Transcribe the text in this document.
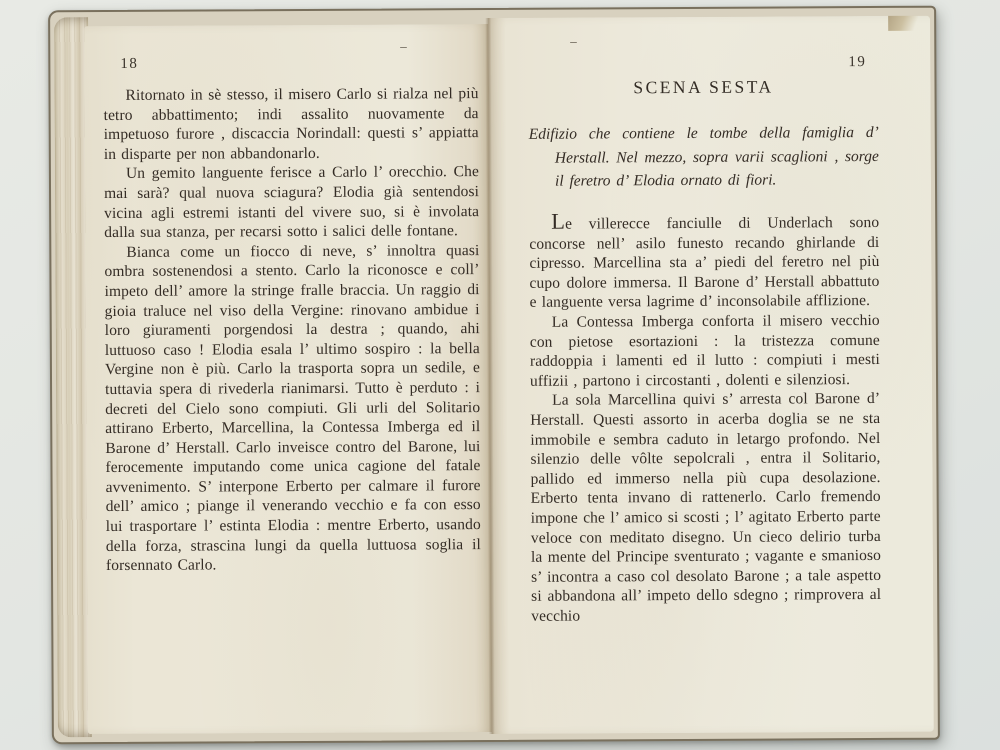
18
–

Ritornato in sè stesso, il misero Carlo si rialza nel più tetro abbattimento; indi assalito nuovamente da impetuoso furore , discaccia Norindall: questi s’ appiatta in disparte per non abbandonarlo.

Un gemito languente ferisce a Carlo l’ orecchio. Che mai sarà? qual nuova sciagura? Elodia già sentendosi vicina agli estremi istanti del vivere suo, si è involata dalla sua stanza, per recarsi sotto i salici delle fontane.

Bianca come un fiocco di neve, s’ innoltra quasi ombra sostenendosi a stento. Carlo la riconosce e coll’ impeto dell’ amore la stringe fralle braccia. Un raggio di gioia traluce nel viso della Vergine: rinovano ambidue i loro giuramenti porgendosi la destra ; quando, ahi luttuoso caso ! Elodia esala l’ ultimo sospiro : la bella Vergine non è più. Carlo la trasporta sopra un sedile, e tuttavia spera di rivederla rianimarsi. Tutto è perduto : i decreti del Cielo sono compiuti. Gli urli del Solitario attirano Erberto, Marcellina, la Contessa Imberga ed il Barone d’ Herstall. Carlo inveisce contro del Barone, lui ferocemente imputando come unica cagione del fatale avvenimento. S’ interpone Erberto per calmare il furore dell’ amico ; piange il venerando vecchio e fa con esso lui trasportare l’ estinta Elodia : mentre Erberto, usando della forza, strascina lungi da quella luttuosa soglia il forsennato Carlo.

19
–
SCENA SESTA
Edifizio che contiene le tombe della famiglia d’ Herstall. Nel mezzo, sopra varii scaglioni , sorge il feretro d’ Elodia ornato di fiori.

Le villerecce fanciulle di Underlach sono concorse nell’ asilo funesto recando ghirlande di cipresso. Marcellina sta a’ piedi del feretro nel più cupo dolore immersa. Il Barone d’ Herstall abbattuto e languente versa lagrime d’ inconsolabile afflizione.

La Contessa Imberga conforta il misero vecchio con pietose esortazioni : la tristezza comune raddoppia i lamenti ed il lutto : compiuti i mesti uffizii , partono i circostanti , dolenti e silenziosi.

La sola Marcellina quivi s’ arresta col Barone d’ Herstall. Questi assorto in acerba doglia se ne sta immobile e sembra caduto in letargo profondo. Nel silenzio delle vôlte sepolcrali , entra il Solitario, pallido ed immerso nella più cupa desolazione. Erberto tenta invano di rattenerlo. Carlo fremendo impone che l’ amico si scosti ; l’ agitato Erberto parte veloce con meditato disegno. Un cieco delirio turba la mente del Principe sventurato ; vagante e smanioso s’ incontra a caso col desolato Barone ; a tale aspetto si abbandona all’ impeto dello sdegno ; rimprovera al vecchio
